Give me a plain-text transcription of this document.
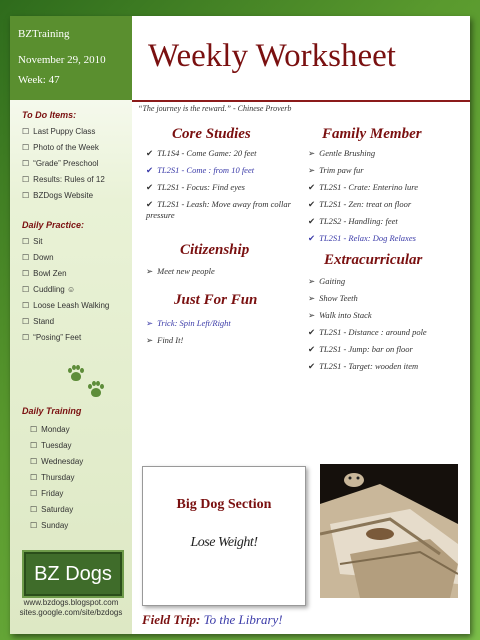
BZTraining
November 29, 2010
Week: 47
Weekly Worksheet
To Do Items:
☐ Last Puppy Class
☐ Photo of the Week
☐ “Grade” Preschool
☐ Results: Rules of 12
☐ BZDogs Website
Daily Practice:
☐ Sit
☐ Down
☐ Bowl Zen
☐ Cuddling ☺
☐ Loose Leash Walking
☐ Stand
☐ “Posing” Feet
Daily Training
☐ Monday
☐ Tuesday
☐ Wednesday
☐ Thursday
☐ Friday
☐ Saturday
☐ Sunday
BZ Dogs
www.bzdogs.blogspot.com
sites.google.com/site/bzdogs
“The journey is the reward.” - Chinese Proverb
Core Studies
✔ TL1S4 - Come Game: 20 feet
✔ TL2S1 - Come : from 10 feet
✔ TL2S1 - Focus: Find eyes
✔ TL2S1 - Leash: Move away from collar pressure
Citizenship
➢ Meet new people
Just For Fun
➢ Trick: Spin Left/Right
➢ Find It!
Family Member
➢ Gentle Brushing
➢ Trim paw fur
✔ TL2S1 - Crate: Enterino lure
✔ TL2S1 - Zen: treat on floor
✔ TL2S2 - Handling: feet
✔ TL2S1 - Relax: Dog Relaxes
Extracurricular
➢ Gaiting
➢ Show Teeth
➢ Walk into Stack
✔ TL2S1 - Distance : around pole
✔ TL2S1 - Jump: bar on floor
✔ TL2S1 - Target: wooden item
Big Dog Section
Lose Weight!
Field Trip: To the Library!
